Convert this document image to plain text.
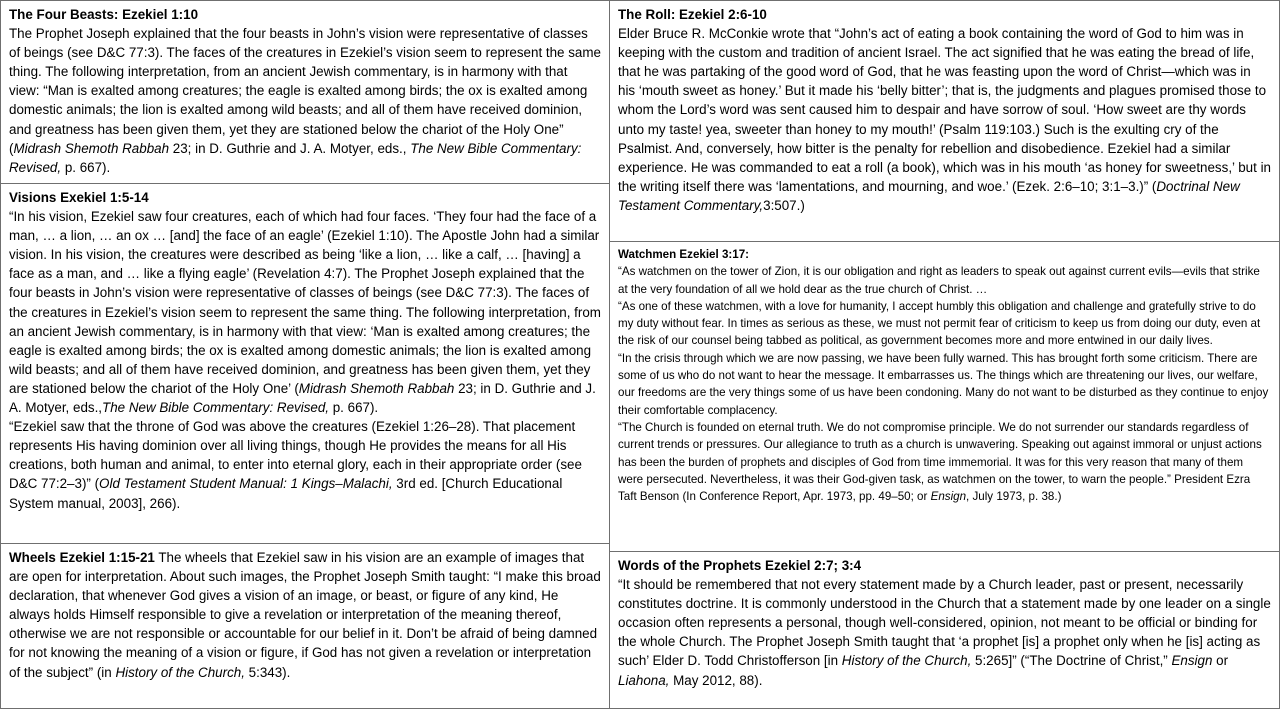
The Four Beasts: Ezekiel 1:10

The Prophet Joseph explained that the four beasts in John’s vision were representative of classes of beings (see D&C 77:3). The faces of the creatures in Ezekiel’s vision seem to represent the same thing. The following interpretation, from an ancient Jewish commentary, is in harmony with that view: “Man is exalted among creatures; the eagle is exalted among birds; the ox is exalted among domestic animals; the lion is exalted among wild beasts; and all of them have received dominion, and greatness has been given them, yet they are stationed below the chariot of the Holy One” (Midrash Shemoth Rabbah 23; in D. Guthrie and J. A. Motyer, eds., The New Bible Commentary: Revised, p. 667).

Visions Exekiel 1:5-14

“In his vision, Ezekiel saw four creatures, each of which had four faces. ‘They four had the face of a man, … a lion, … an ox … [and] the face of an eagle’ (Ezekiel 1:10). The Apostle John had a similar vision. In his vision, the creatures were described as being ‘like a lion, … like a calf, … [having] a face as a man, and … like a flying eagle’ (Revelation 4:7). The Prophet Joseph explained that the four beasts in John’s vision were representative of classes of beings (see D&C 77:3). The faces of the creatures in Ezekiel’s vision seem to represent the same thing. The following interpretation, from an ancient Jewish commentary, is in harmony with that view: ‘Man is exalted among creatures; the eagle is exalted among birds; the ox is exalted among domestic animals; the lion is exalted among wild beasts; and all of them have received dominion, and greatness has been given them, yet they are stationed below the chariot of the Holy One’ (Midrash Shemoth Rabbah 23; in D. Guthrie and J. A. Motyer, eds.,The New Bible Commentary: Revised, p. 667).

“Ezekiel saw that the throne of God was above the creatures (Ezekiel 1:26–28). That placement represents His having dominion over all living things, though He provides the means for all His creations, both human and animal, to enter into eternal glory, each in their appropriate order (see D&C 77:2–3)” (Old Testament Student Manual: 1 Kings–Malachi, 3rd ed. [Church Educational System manual, 2003], 266).

Wheels Ezekiel 1:15-21 The wheels that Ezekiel saw in his vision are an example of images that are open for interpretation. About such images, the Prophet Joseph Smith taught: “I make this broad declaration, that whenever God gives a vision of an image, or beast, or figure of any kind, He always holds Himself responsible to give a revelation or interpretation of the meaning thereof, otherwise we are not responsible or accountable for our belief in it. Don’t be afraid of being damned for not knowing the meaning of a vision or figure, if God has not given a revelation or interpretation of the subject” (in History of the Church, 5:343).

The Roll: Ezekiel 2:6-10

Elder Bruce R. McConkie wrote that “John’s act of eating a book containing the word of God to him was in keeping with the custom and tradition of ancient Israel. The act signified that he was eating the bread of life, that he was partaking of the good word of God, that he was feasting upon the word of Christ—which was in his ‘mouth sweet as honey.’ But it made his ‘belly bitter’; that is, the judgments and plagues promised those to whom the Lord’s word was sent caused him to despair and have sorrow of soul. ‘How sweet are thy words unto my taste! yea, sweeter than honey to my mouth!’ (Psalm 119:103.) Such is the exulting cry of the Psalmist. And, conversely, how bitter is the penalty for rebellion and disobedience. Ezekiel had a similar experience. He was commanded to eat a roll (a book), which was in his mouth ‘as honey for sweetness,’ but in the writing itself there was ‘lamentations, and mourning, and woe.’ (Ezek. 2:6–10; 3:1–3.)” (Doctrinal New Testament Commentary,3:507.)

Watchmen Ezekiel 3:17:

“As watchmen on the tower of Zion, it is our obligation and right as leaders to speak out against current evils—evils that strike at the very foundation of all we hold dear as the true church of Christ. …

“As one of these watchmen, with a love for humanity, I accept humbly this obligation and challenge and gratefully strive to do my duty without fear. In times as serious as these, we must not permit fear of criticism to keep us from doing our duty, even at the risk of our counsel being tabbed as political, as government becomes more and more entwined in our daily lives.

“In the crisis through which we are now passing, we have been fully warned. This has brought forth some criticism. There are some of us who do not want to hear the message. It embarrasses us. The things which are threatening our lives, our welfare, our freedoms are the very things some of us have been condoning. Many do not want to be disturbed as they continue to enjoy their comfortable complacency.

“The Church is founded on eternal truth. We do not compromise principle. We do not surrender our standards regardless of current trends or pressures. Our allegiance to truth as a church is unwavering. Speaking out against immoral or unjust actions has been the burden of prophets and disciples of God from time immemorial. It was for this very reason that many of them were persecuted. Nevertheless, it was their God-given task, as watchmen on the tower, to warn the people.” President Ezra Taft Benson (In Conference Report, Apr. 1973, pp. 49–50; or Ensign, July 1973, p. 38.)

Words of the Prophets Ezekiel 2:7; 3:4

“It should be remembered that not every statement made by a Church leader, past or present, necessarily constitutes doctrine. It is commonly understood in the Church that a statement made by one leader on a single occasion often represents a personal, though well-considered, opinion, not meant to be official or binding for the whole Church. The Prophet Joseph Smith taught that ‘a prophet [is] a prophet only when he [is] acting as such’ Elder D. Todd Christofferson [in History of the Church, 5:265]” (“The Doctrine of Christ,” Ensign or Liahona, May 2012, 88).
